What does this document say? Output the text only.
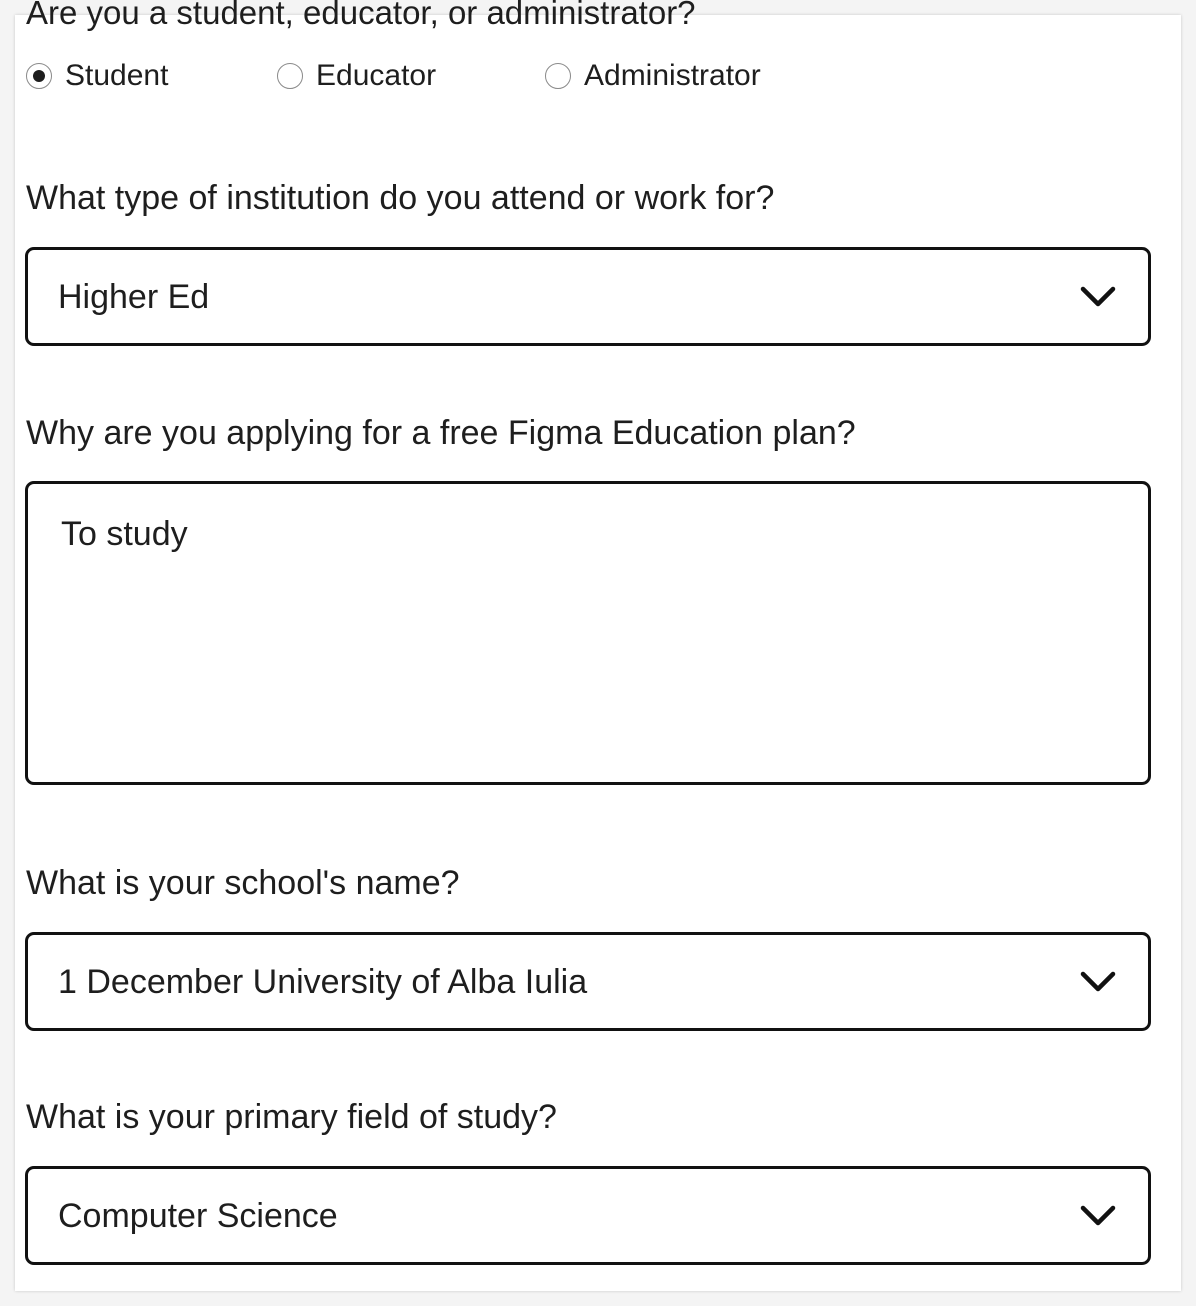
Are you a student, educator, or administrator?
Student	Educator	Administrator
What type of institution do you attend or work for?
Higher Ed
Why are you applying for a free Figma Education plan?
To study
What is your school's name?
1 December University of Alba Iulia
What is your primary field of study?
Computer Science
